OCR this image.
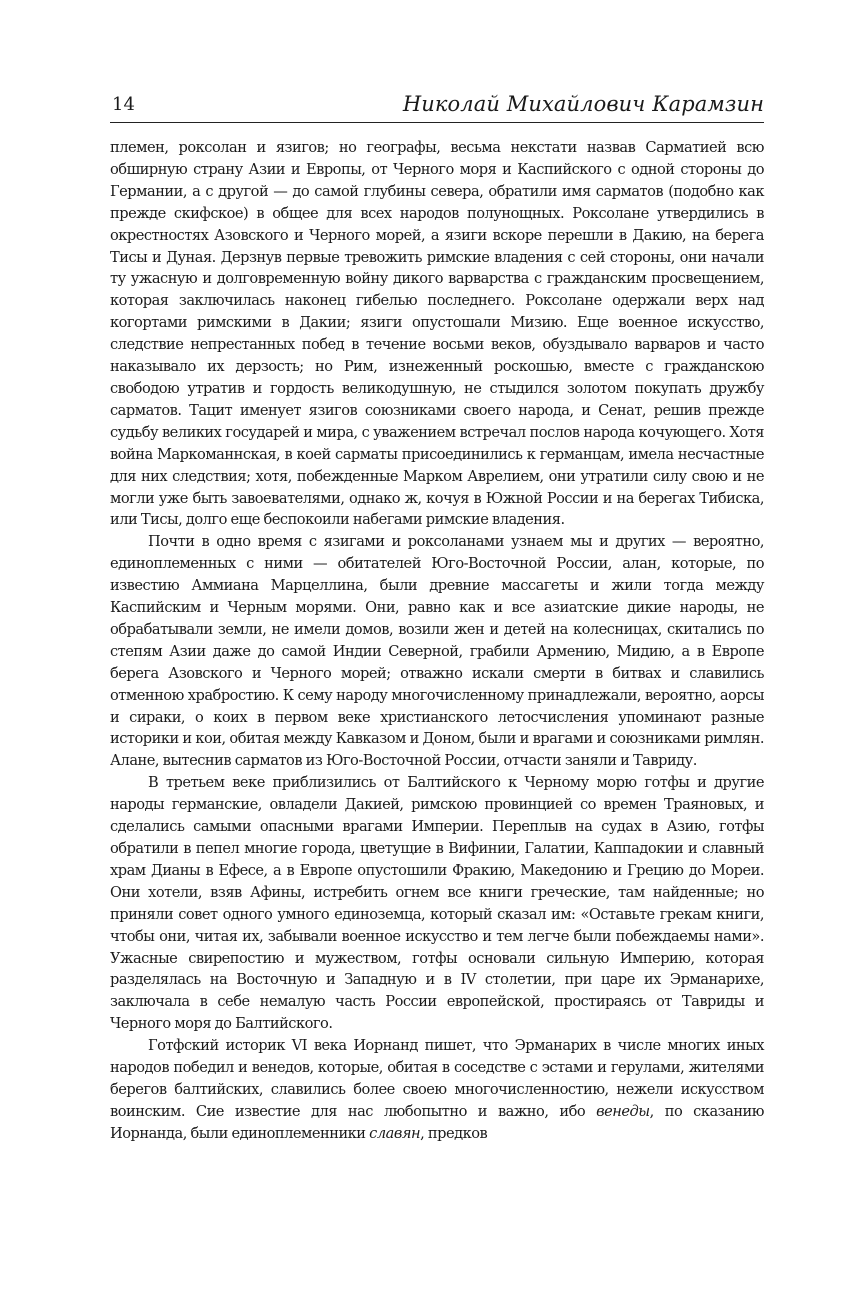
14	Николай Михайлович Карамзин

племен, роксолан и язигов; но географы, весьма некстати назвав Сарматией всю обширную страну Азии и Европы, от Черного моря и Каспийского с одной стороны до Германии, а с другой — до самой глубины севера, обратили имя сарматов (подобно как прежде скифское) в общее для всех народов полунощных. Роксолане утвердились в окрестностях Азовского и Черного морей, а язиги вскоре перешли в Дакию, на берега Тисы и Дуная. Дерзнув первые тревожить римские владения с сей стороны, они начали ту ужасную и долговременную войну дикого варварства с гражданским просвещением, которая заключилась наконец гибелью последнего. Роксолане одержали верх над когортами римскими в Дакии; язиги опустошали Мизию. Еще военное искусство, следствие непрестанных побед в течение восьми веков, обуздывало варваров и часто наказывало их дерзость; но Рим, изнеженный роскошью, вместе с гражданскою свободою утратив и гордость великодушную, не стыдился золотом покупать дружбу сарматов. Тацит именует язигов союзниками своего народа, и Сенат, решив прежде судьбу великих государей и мира, с уважением встречал послов народа кочующего. Хотя война Маркоманнская, в коей сарматы присоединились к германцам, имела несчастные для них следствия; хотя, побежденные Марком Аврелием, они утратили силу свою и не могли уже быть завоевателями, однако ж, кочуя в Южной России и на берегах Тибиска, или Тисы, долго еще беспокоили набегами римские владения.

Почти в одно время с язигами и роксоланами узнаем мы и других — вероятно, единоплеменных с ними — обитателей Юго-Восточной России, алан, которые, по известию Аммиана Марцеллина, были древние массагеты и жили тогда между Каспийским и Черным морями. Они, равно как и все азиатские дикие народы, не обрабатывали земли, не имели домов, возили жен и детей на колесницах, скитались по степям Азии даже до самой Индии Северной, грабили Армению, Мидию, а в Европе берега Азовского и Черного морей; отважно искали смерти в битвах и славились отменною храбростию. К сему народу многочисленному принадлежали, вероятно, аорсы и сираки, о коих в первом веке христианского летосчисления упоминают разные историки и кои, обитая между Кавказом и Доном, были и врагами и союзниками римлян. Алане, вытеснив сарматов из Юго-Восточной России, отчасти заняли и Тавриду.

В третьем веке приблизились от Балтийского к Черному морю готфы и другие народы германские, овладели Дакией, римскою провинцией со времен Траяновых, и сделались самыми опасными врагами Империи. Переплыв на судах в Азию, готфы обратили в пепел многие города, цветущие в Вифинии, Галатии, Каппадокии и славный храм Дианы в Ефесе, а в Европе опустошили Фракию, Македонию и Грецию до Мореи. Они хотели, взяв Афины, истребить огнем все книги греческие, там найденные; но приняли совет одного умного единоземца, который сказал им: «Оставьте грекам книги, чтобы они, читая их, забывали военное искусство и тем легче были побеждаемы нами». Ужасные свирепостию и мужеством, готфы основали сильную Империю, которая разделялась на Восточную и Западную и в IV столетии, при царе их Эрманарихе, заключала в себе немалую часть России европейской, простираясь от Тавриды и Черного моря до Балтийского.

Готфский историк VI века Иорнанд пишет, что Эрманарих в числе многих иных народов победил и венедов, которые, обитая в соседстве с эстами и герулами, жителями берегов балтийских, славились более своею многочисленностию, нежели искусством воинским. Сие известие для нас любопытно и важно, ибо венеды, по сказанию Иорнанда, были единоплеменники славян, предков
